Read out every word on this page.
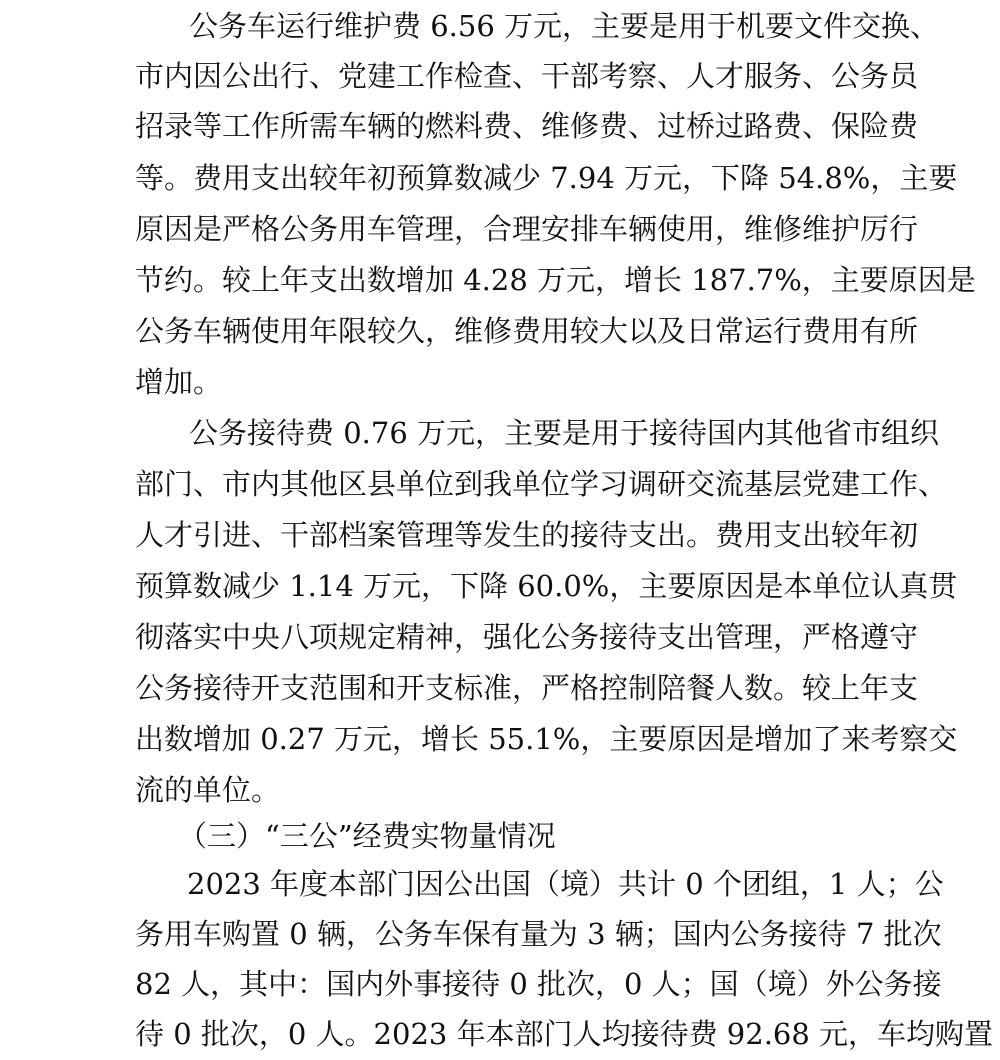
公务车运行维护费 6.56 万元，主要是用于机要文件交换、
市内因公出行、党建工作检查、干部考察、人才服务、公务员
招录等工作所需车辆的燃料费、维修费、过桥过路费、保险费
等。费用支出较年初预算数减少 7.94 万元，下降 54.8%，主要
原因是严格公务用车管理，合理安排车辆使用，维修维护厉行
节约。较上年支出数增加 4.28 万元，增长 187.7%，主要原因是
公务车辆使用年限较久，维修费用较大以及日常运行费用有所
增加。
公务接待费 0.76 万元，主要是用于接待国内其他省市组织
部门、市内其他区县单位到我单位学习调研交流基层党建工作、
人才引进、干部档案管理等发生的接待支出。费用支出较年初
预算数减少 1.14 万元，下降 60.0%，主要原因是本单位认真贯
彻落实中央八项规定精神，强化公务接待支出管理，严格遵守
公务接待开支范围和开支标准，严格控制陪餐人数。较上年支
出数增加 0.27 万元，增长 55.1%，主要原因是增加了来考察交
流的单位。
（三）“三公”经费实物量情况
2023 年度本部门因公出国（境）共计 0 个团组，1 人；公
务用车购置 0 辆，公务车保有量为 3 辆；国内公务接待 7 批次
82 人，其中：国内外事接待 0 批次，0 人；国（境）外公务接
待 0 批次，0 人。2023 年本部门人均接待费 92.68 元，车均购置
